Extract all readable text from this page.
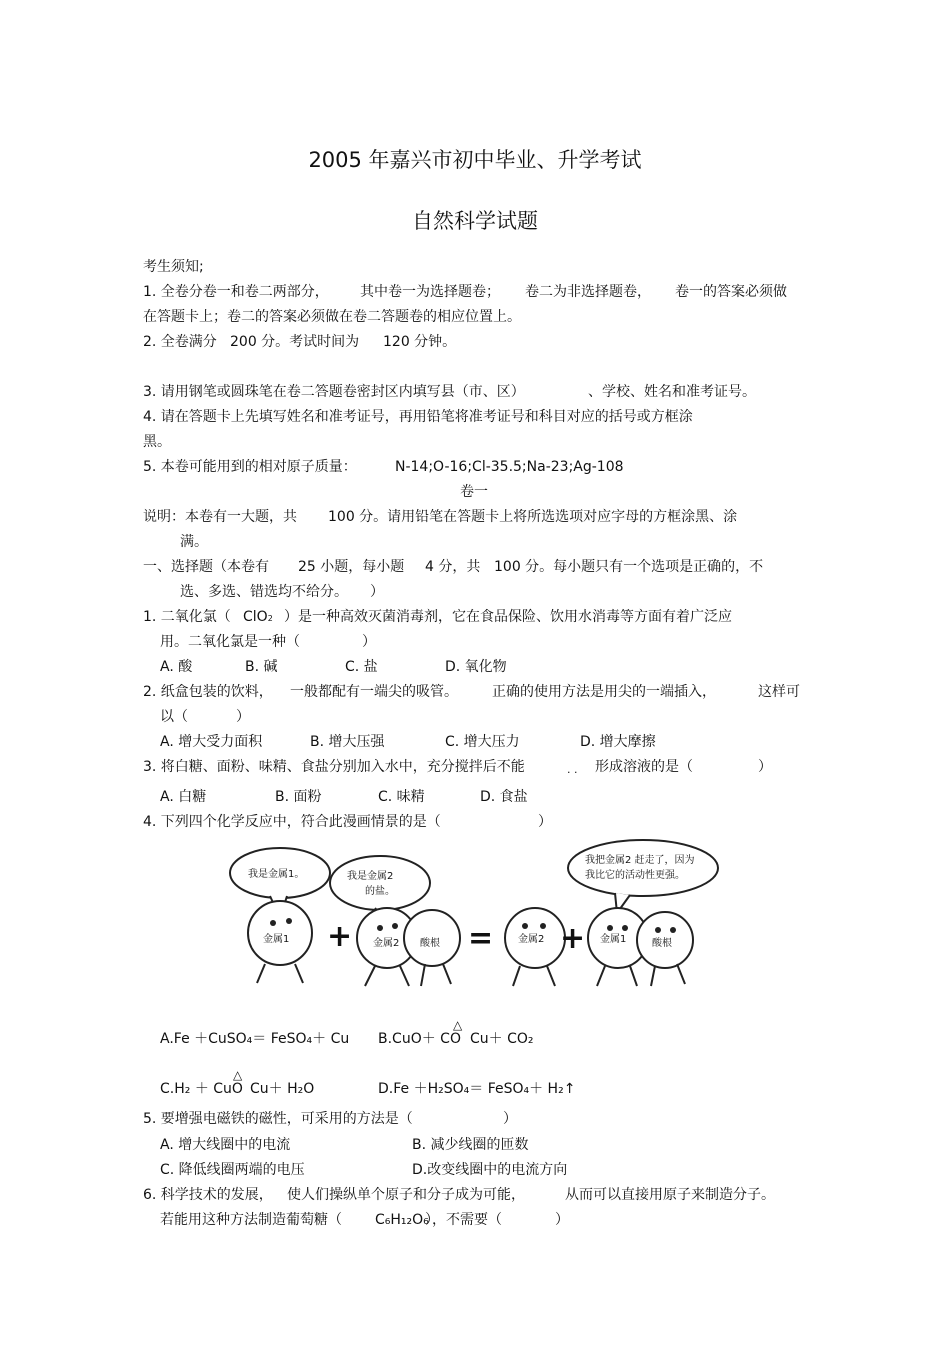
2005 年嘉兴市初中毕业、升学考试
自然科学试题
考生须知;
1. 全卷分卷一和卷二两部分， 其中卷一为选择题卷； 卷二为非选择题卷， 卷一的答案必须做
在答题卡上；卷二的答案必须做在卷二答题卷的相应位置上。
2. 全卷满分 200 分。考试时间为 120 分钟。
3. 请用钢笔或圆珠笔在卷二答题卷密封区内填写县（市、区）	、学校、姓名和准考证号。
4. 请在答题卡上先填写姓名和准考证号，再用铅笔将准考证号和科目对应的括号或方框涂
黑。
5. 本卷可能用到的相对原子质量：	N-14;O-16;Cl-35.5;Na-23;Ag-108
卷一
说明：本卷有一大题，共 100 分。请用铅笔在答题卡上将所选选项对应字母的方框涂黑、涂
满。
一、选择题（本卷有 25 小题，每小题 4 分，共 100 分。每小题只有一个选项是正确的，不
选、多选、错选均不给分。 ）
1. 二氧化氯（ ClO2 ）是一种高效灭菌消毒剂，它在食品保险、饮用水消毒等方面有着广泛应
用。二氧化氯是一种（	）
A. 酸	B. 碱	C. 盐	D. 氧化物
2. 纸盒包装的饮料， 一般都配有一端尖的吸管。 正确的使用方法是用尖的一端插入，	这样可
以（	）
A. 增大受力面积	B. 增大压强	C. 增大压力	D. 增大摩擦
3. 将白糖、面粉、味精、食盐分别加入水中，充分搅拌后不能	· · 形成溶液的是（	）
A. 白糖	B. 面粉	C. 味精	D. 食盐
4. 下列四个化学反应中，符合此漫画情景的是（	）
我是金属1。	我是金属2
的盐。
我把金属2 赶走了，因为
我比它的活动性更强。
金属1	金属2 酸根	金属2	金属1	酸根
+	= +
A.Fe ＋CuSO₄＝ FeSO₄＋ Cu B.CuO＋ CO
△
Cu＋ CO₂
C.H₂ ＋ CuO
△
Cu＋ H₂O	D.Fe ＋H₂SO₄＝ FeSO₄＋ H₂↑
5. 要增强电磁铁的磁性，可采用的方法是（	）
A. 增大线圈中的电流	B. 减少线圈的匝数
C. 降低线圈两端的电压	D.改变线圈中的电流方向
6. 科学技术的发展， 使人们操纵单个原子和分子成为可能，	从而可以直接用原子来制造分子。
若能用这种方法制造葡萄糖（ C₆H₁₂O₆
），不需要（	）
